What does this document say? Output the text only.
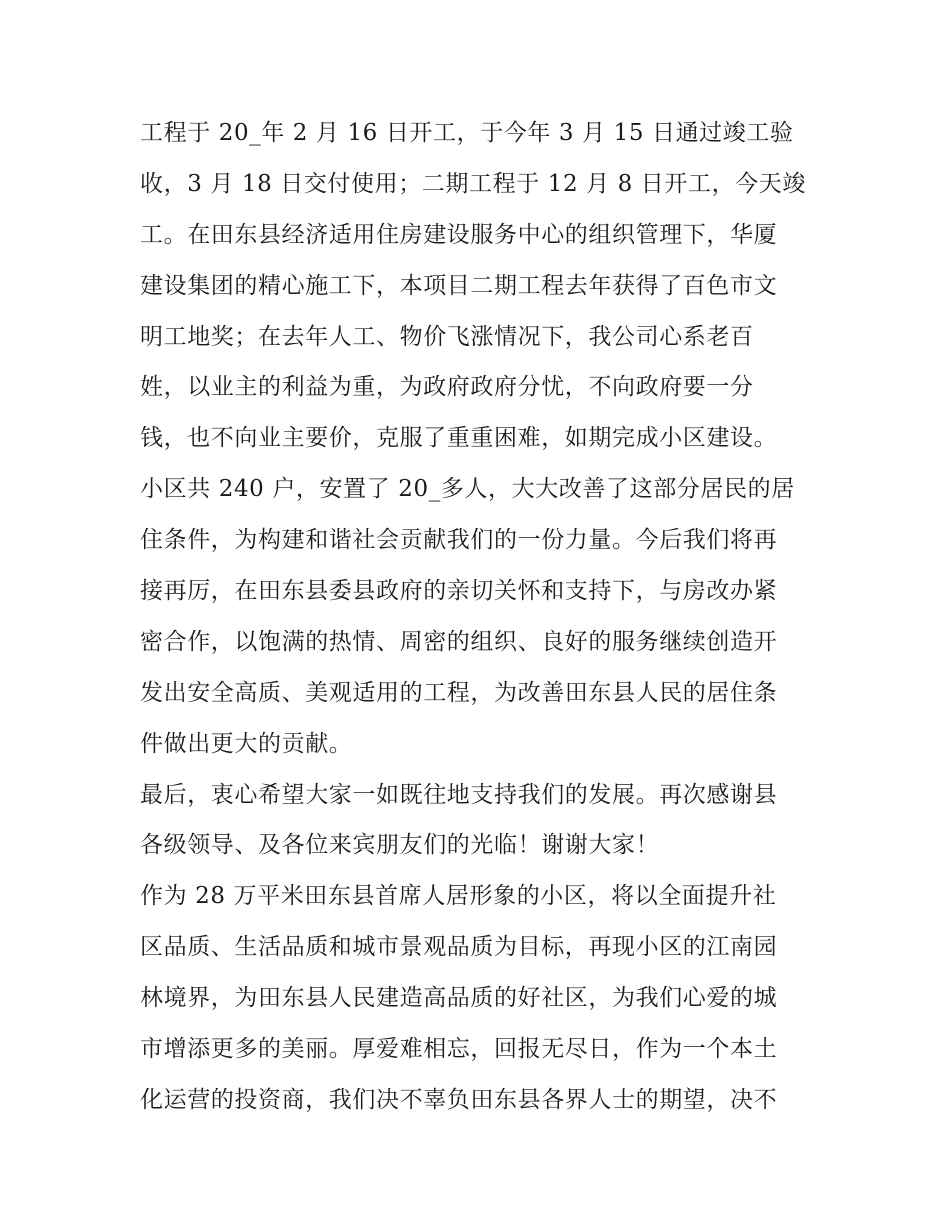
工程于 20_年 2 月 16 日开工，于今年 3 月 15 日通过竣工验
收，3 月 18 日交付使用；二期工程于 12 月 8 日开工，今天竣
工。在田东县经济适用住房建设服务中心的组织管理下，华厦
建设集团的精心施工下，本项目二期工程去年获得了百色市文
明工地奖；在去年人工、物价飞涨情况下，我公司心系老百
姓，以业主的利益为重，为政府政府分忧，不向政府要一分
钱，也不向业主要价，克服了重重困难，如期完成小区建设。
小区共 240 户，安置了 20_多人，大大改善了这部分居民的居
住条件，为构建和谐社会贡献我们的一份力量。今后我们将再
接再厉，在田东县委县政府的亲切关怀和支持下，与房改办紧
密合作，以饱满的热情、周密的组织、良好的服务继续创造开
发出安全高质、美观适用的工程，为改善田东县人民的居住条
件做出更大的贡献。
最后，衷心希望大家一如既往地支持我们的发展。再次感谢县
各级领导、及各位来宾朋友们的光临！谢谢大家！
作为 28 万平米田东县首席人居形象的小区，将以全面提升社
区品质、生活品质和城市景观品质为目标，再现小区的江南园
林境界，为田东县人民建造高品质的好社区，为我们心爱的城
市增添更多的美丽。厚爱难相忘，回报无尽日，作为一个本土
化运营的投资商，我们决不辜负田东县各界人士的期望，决不
